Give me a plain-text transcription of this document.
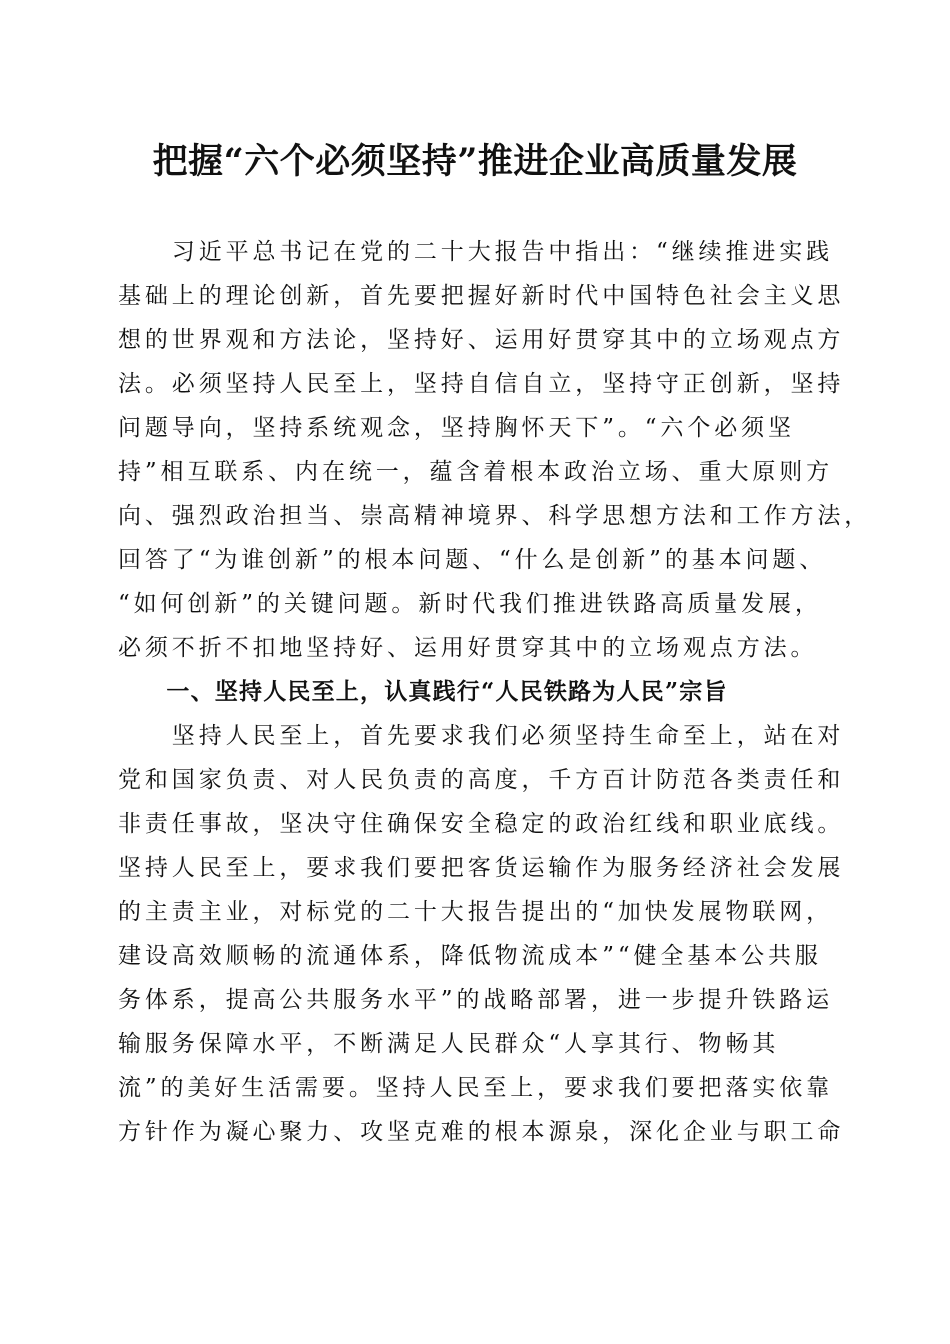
把握“六个必须坚持”推进企业高质量发展
　　习近平总书记在党的二十大报告中指出：“继续推进实践
基础上的理论创新，首先要把握好新时代中国特色社会主义思
想的世界观和方法论，坚持好、运用好贯穿其中的立场观点方
法。必须坚持人民至上，坚持自信自立，坚持守正创新，坚持
问题导向，坚持系统观念，坚持胸怀天下”。“六个必须坚
持”相互联系、内在统一，蕴含着根本政治立场、重大原则方
向、强烈政治担当、崇高精神境界、科学思想方法和工作方法，
回答了“为谁创新”的根本问题、“什么是创新”的基本问题、
“如何创新”的关键问题。新时代我们推进铁路高质量发展，
必须不折不扣地坚持好、运用好贯穿其中的立场观点方法。
　　一、坚持人民至上，认真践行“人民铁路为人民”宗旨
　　坚持人民至上，首先要求我们必须坚持生命至上，站在对
党和国家负责、对人民负责的高度，千方百计防范各类责任和
非责任事故，坚决守住确保安全稳定的政治红线和职业底线。
坚持人民至上，要求我们要把客货运输作为服务经济社会发展
的主责主业，对标党的二十大报告提出的“加快发展物联网，
建设高效顺畅的流通体系，降低物流成本”“健全基本公共服
务体系，提高公共服务水平”的战略部署，进一步提升铁路运
输服务保障水平，不断满足人民群众“人享其行、物畅其
流”的美好生活需要。坚持人民至上，要求我们要把落实依靠
方针作为凝心聚力、攻坚克难的根本源泉，深化企业与职工命
